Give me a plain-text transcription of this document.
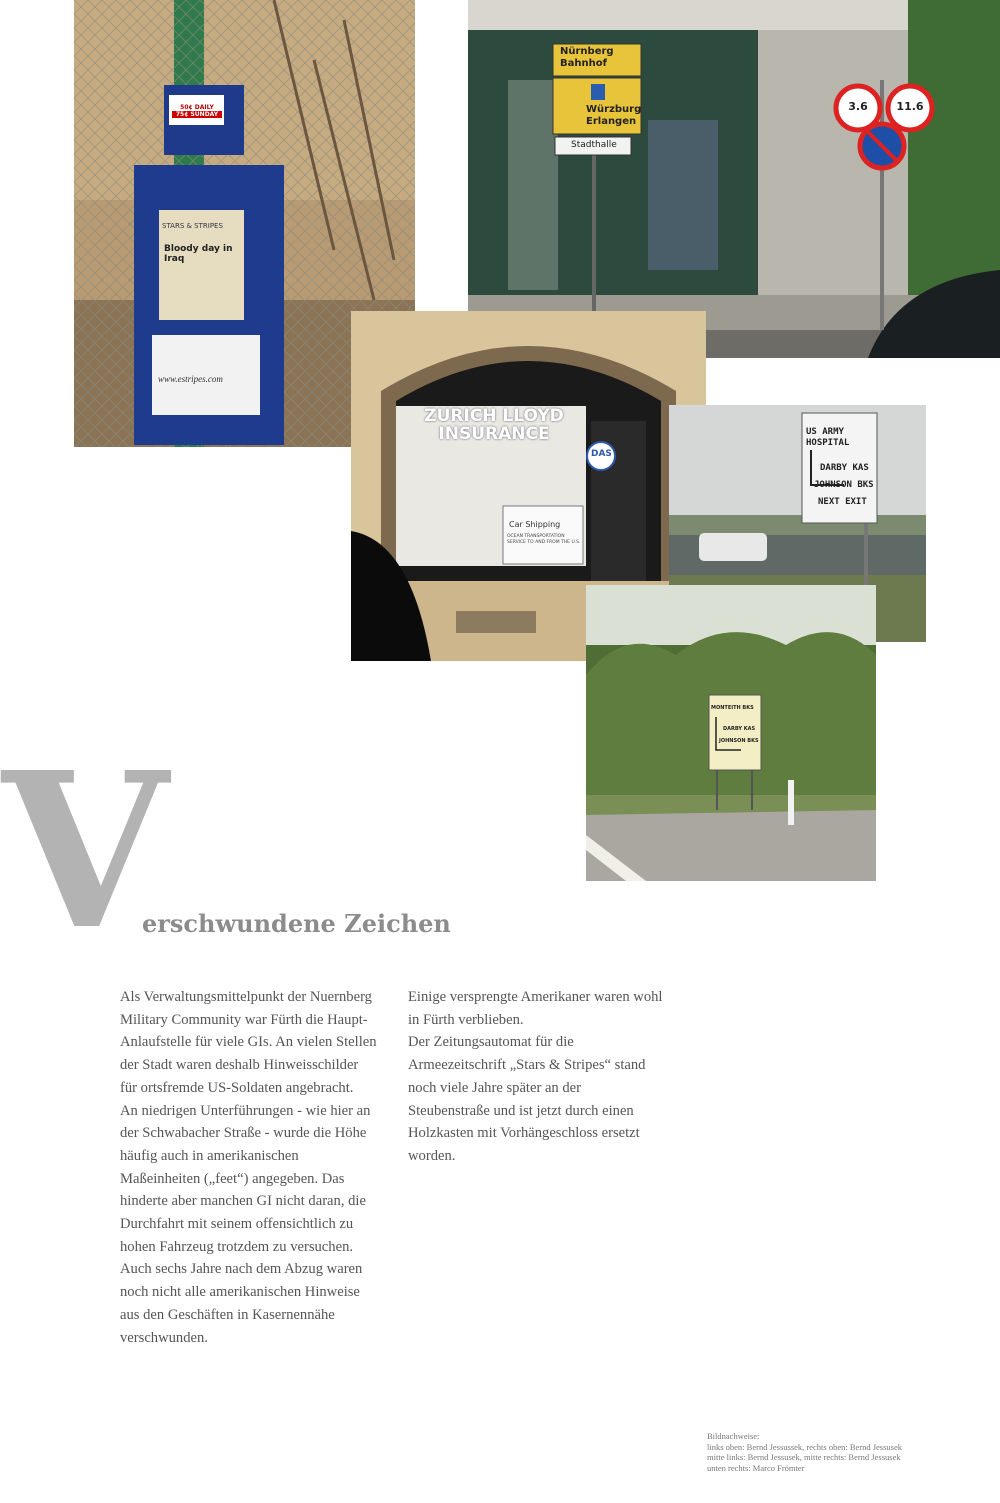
50¢ DAILY
75¢ SUNDAY
STARS & STRIPES
Bloody day in Iraq
www.estripes.com
Nürnberg
Bahnhof
Würzburg
Erlangen
Stadthalle
3.6	11.6
ZURICH LLOYD
INSURANCE
DAS
Car Shipping
OCEAN TRANSPORTATION SERVICE TO AND FROM THE U.S.
US ARMY
HOSPITAL
DARBY KAS
JOHNSON BKS
NEXT EXIT
MONTEITH BKS
DARBY KAS
JOHNSON BKS
V
erschwundene Zeichen

Als Verwaltungsmittelpunkt der Nuernberg Military Community war Fürth die Haupt-Anlaufstelle für viele GIs. An vielen Stellen der Stadt waren deshalb Hinweisschilder für ortsfremde US-Soldaten angebracht.

An niedrigen Unterführungen - wie hier an der Schwabacher Straße - wurde die Höhe häufig auch in amerikanischen Maßeinheiten („feet“) angegeben. Das hinderte aber manchen GI nicht daran, die Durchfahrt mit seinem offensichtlich zu hohen Fahrzeug trotzdem zu versuchen.

Auch sechs Jahre nach dem Abzug waren noch nicht alle amerikanischen Hinweise aus den Geschäften in Kasernennähe verschwunden.

Einige versprengte Amerikaner waren wohl in Fürth verblieben.

Der Zeitungsautomat für die Armeezeitschrift „Stars & Stripes“ stand noch viele Jahre später an der Steubenstraße und ist jetzt durch einen Holzkasten mit Vorhängeschloss ersetzt worden.

Bildnachweise:
links oben: Bernd Jessussek, rechts oben: Bernd Jessusek
mitte links: Bernd Jessusek, mitte rechts: Bernd Jessusek
unten rechts: Marco Frömter
